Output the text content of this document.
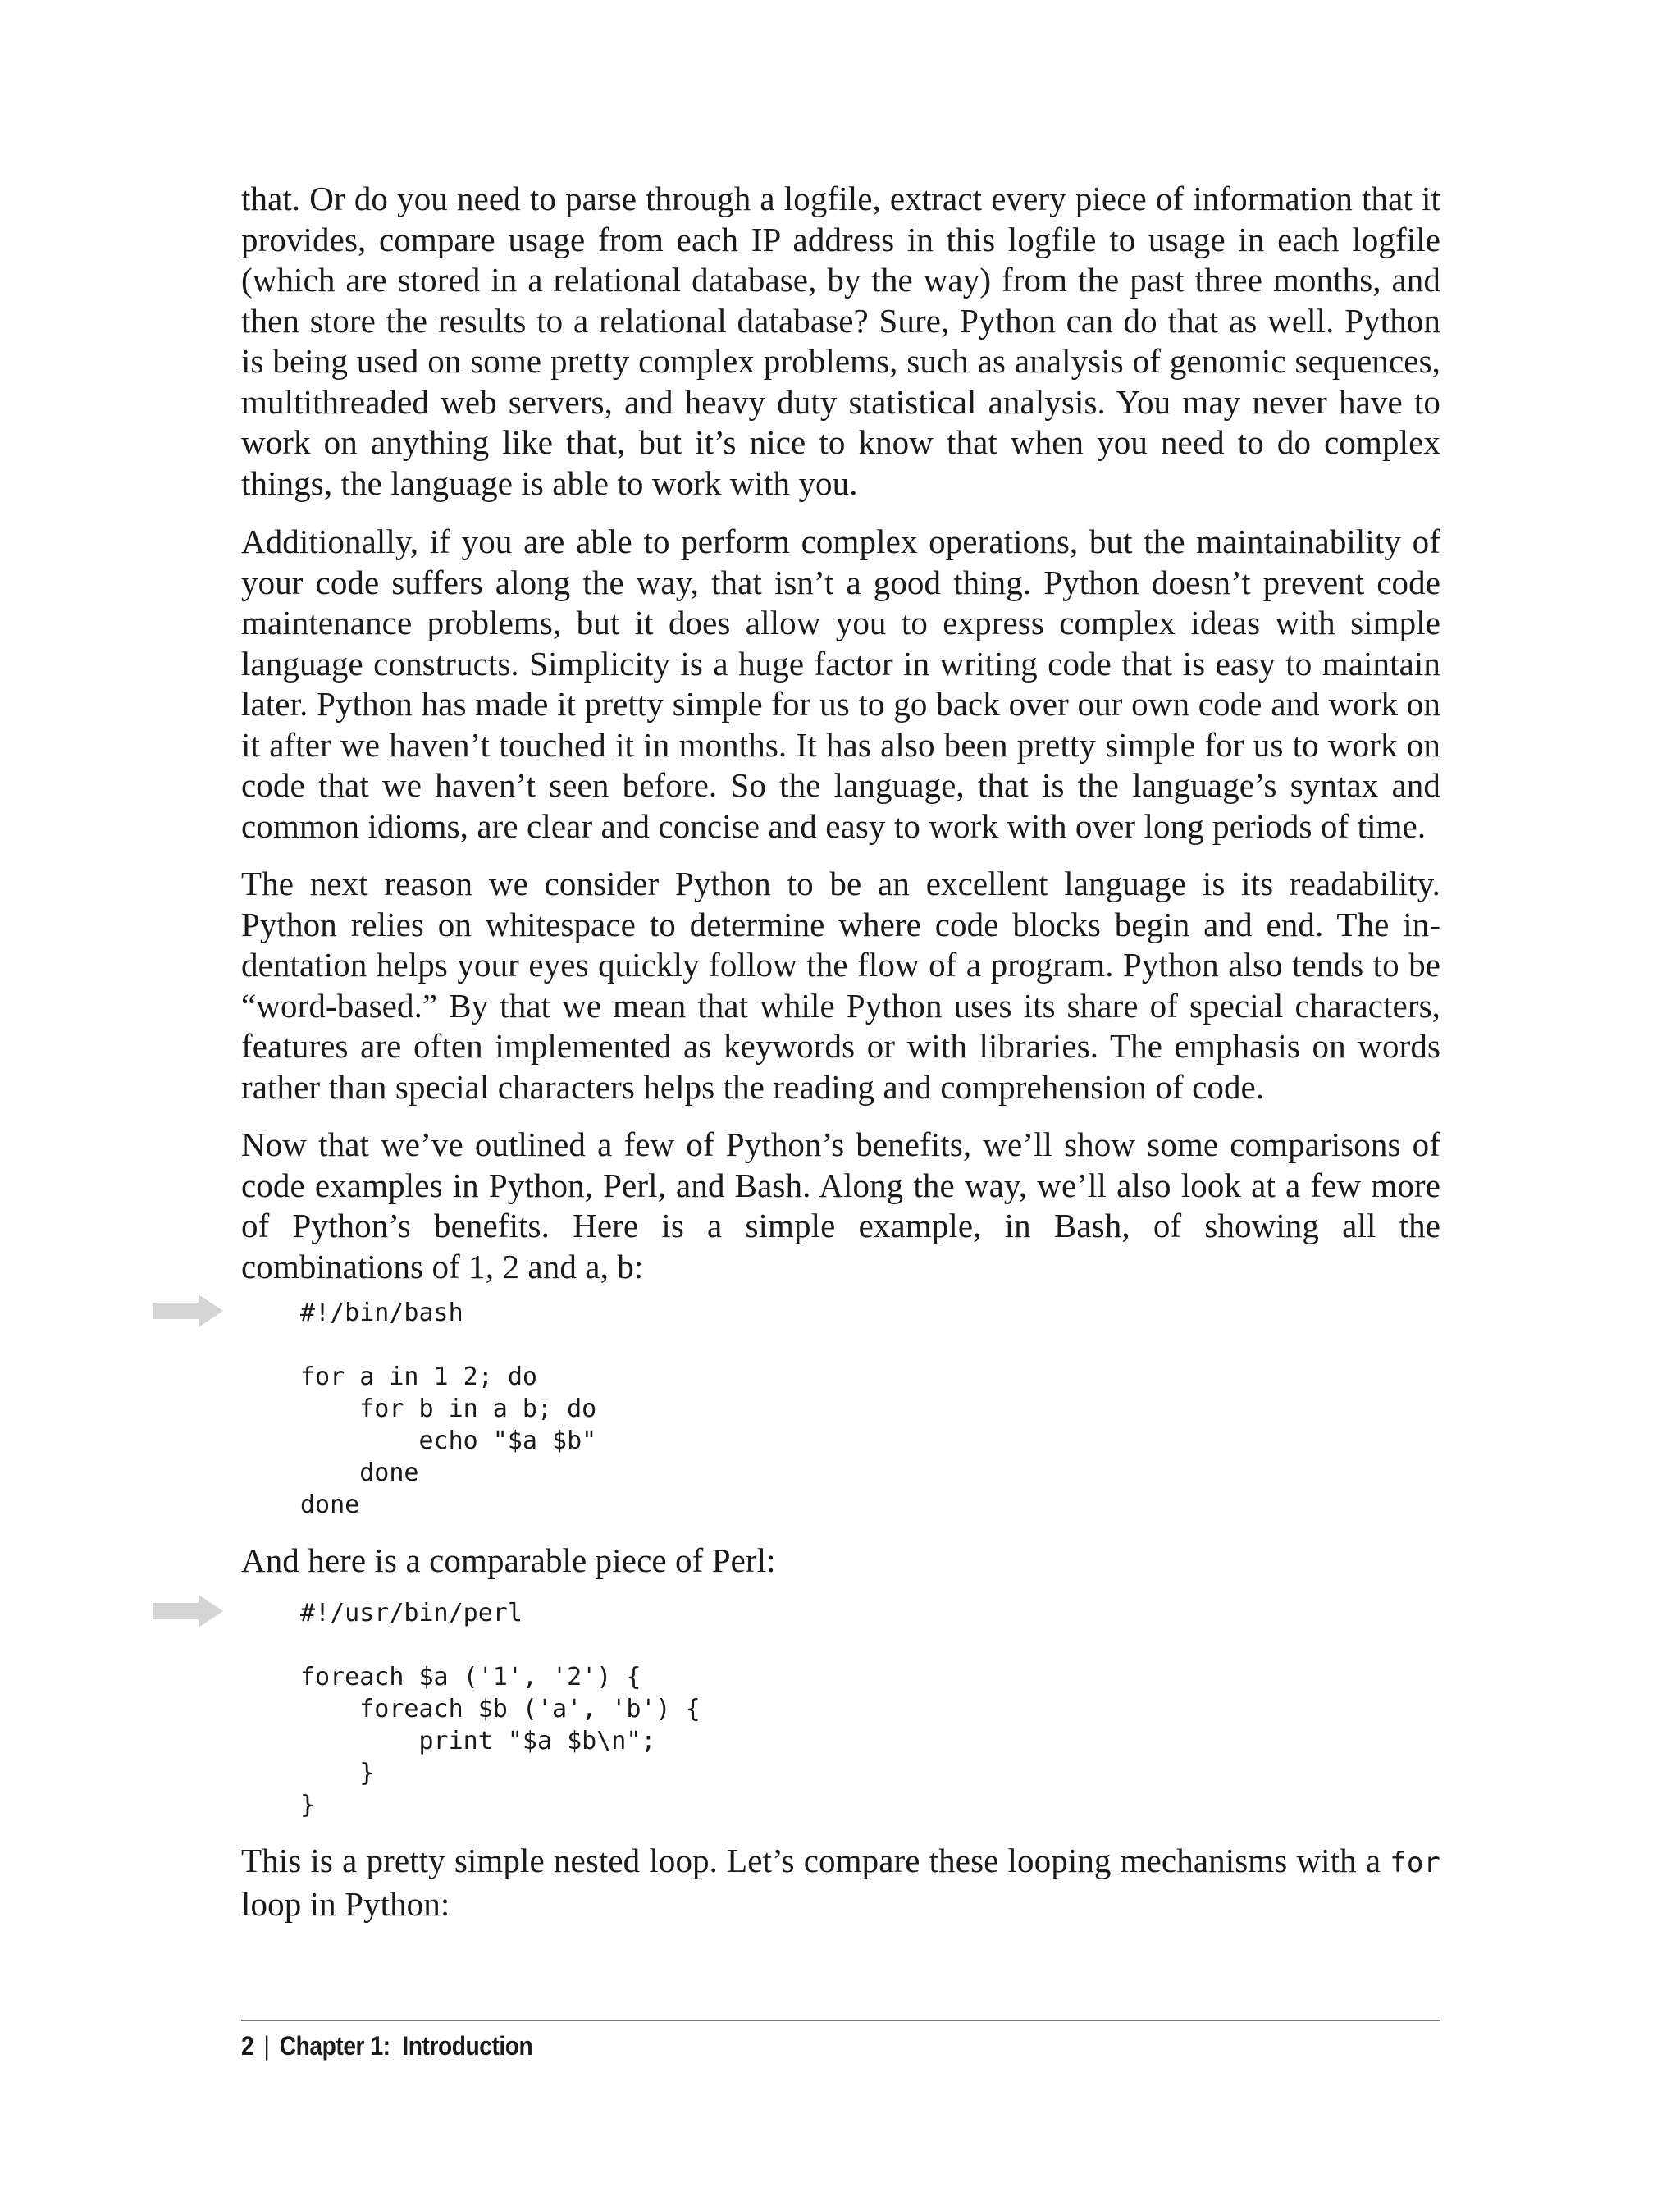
that. Or do you need to parse through a logfile, extract every piece of information that it provides, compare usage from each IP address in this logfile to usage in each logfile (which are stored in a relational database, by the way) from the past three months, and then store the results to a relational database? Sure, Python can do that as well. Python is being used on some pretty complex problems, such as analysis of genomic sequences, multithreaded web servers, and heavy duty statistical analysis. You may never have to work on anything like that, but it’s nice to know that when you need to do complex things, the language is able to work with you.

Additionally, if you are able to perform complex operations, but the maintainability of your code suffers along the way, that isn’t a good thing. Python doesn’t prevent code maintenance problems, but it does allow you to express complex ideas with simple language constructs. Simplicity is a huge factor in writing code that is easy to maintain later. Python has made it pretty simple for us to go back over our own code and work on it after we haven’t touched it in months. It has also been pretty simple for us to work on code that we haven’t seen before. So the language, that is the language’s syntax and common idioms, are clear and concise and easy to work with over long periods of time.

The next reason we consider Python to be an excellent language is its readability. Python relies on whitespace to determine where code blocks begin and end. The indentation helps your eyes quickly follow the flow of a program. Python also tends to be “word-based.” By that we mean that while Python uses its share of special characters, features are often implemented as keywords or with libraries. The emphasis on words rather than special characters helps the reading and comprehension of code.

Now that we’ve outlined a few of Python’s benefits, we’ll show some comparisons of code examples in Python, Perl, and Bash. Along the way, we’ll also look at a few more of Python’s benefits. Here is a simple example, in Bash, of showing all the combinations of 1, 2 and a, b:

#!/bin/bash

for a in 1 2; do
for b in a b; do
echo "$a $b"
done
done

And here is a comparable piece of Perl:

#!/usr/bin/perl

foreach $a ('1', '2') {
foreach $b ('a', 'b') {
print "$a $b\n";
}
}

This is a pretty simple nested loop. Let’s compare these looping mechanisms with a for loop in Python:

2 | Chapter 1:  Introduction
